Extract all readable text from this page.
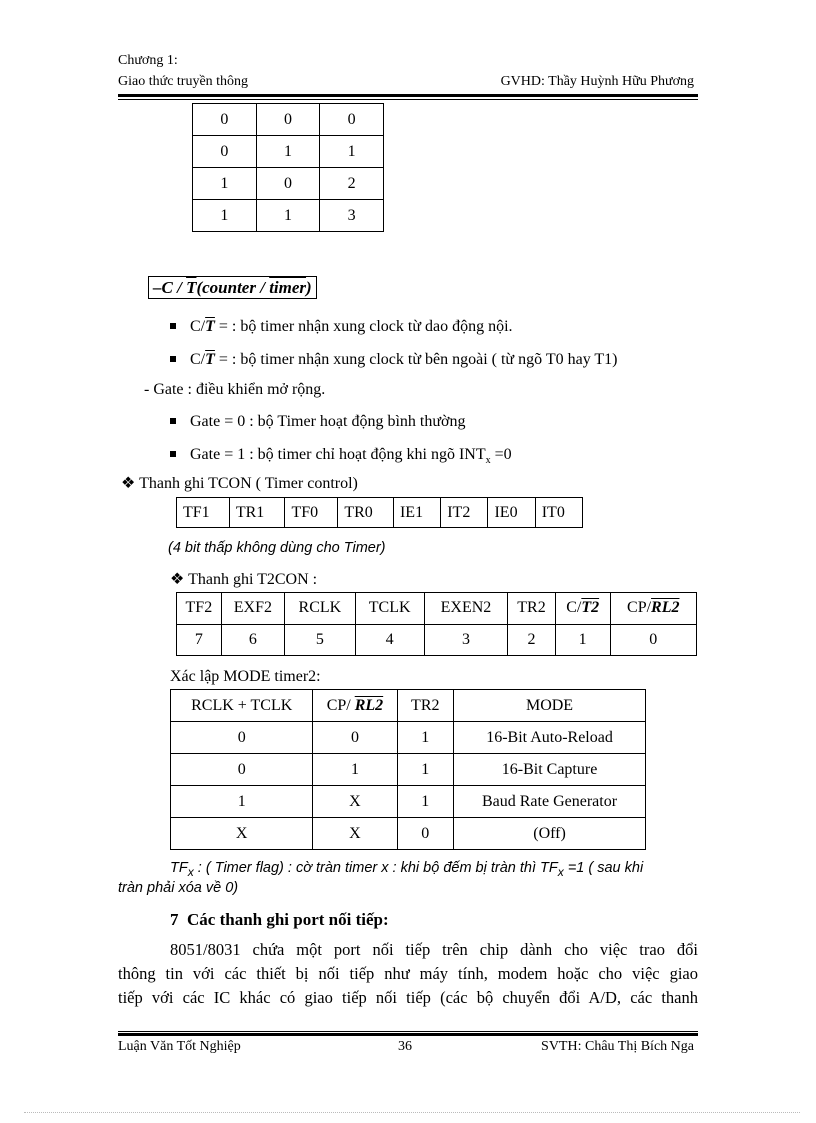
Chương 1:
Giao thức truyền thông	GVHD: Thầy Huỳnh Hữu Phương
0	0	0
0	1	1
1	0	2
1	1	3
$-C / \overline{T}(counter$ / timer)
$C/\overline{T}$ = : bộ timer nhận xung clock từ dao động nội.
$C/\overline{T}$ = : bộ timer nhận xung clock từ bên ngoài ( từ ngõ T0 hay T1)
- Gate : điều khiển mở rộng.
Gate = 0 : bộ Timer hoạt động bình thường
Gate = 1 : bộ timer chỉ hoạt động khi ngõ $INT_x =0$
❖ Thanh ghi TCON ( Timer control)
TF1	TR1	TF0	TR0	IE1	IT2	IE0	IT0
(4 bit thấp không dùng cho Timer)
❖ Thanh ghi T2CON :
TF2	EXF2	RCLK	TCLK	EXEN2	TR2	C/T2	CP/RL2
7	6	5	4	3	2	1	0
Xác lập MODE timer2:
RCLK + TCLK	CP/ RL2	TR2	MODE
0	0	1	16-Bit Auto-Reload
0	1	1	16-Bit Capture
1	X	1	Baud Rate Generator
X	X	0	(Off)
$TF_x$ : ( Timer flag) : cờ tràn timer x : khi bộ đếm bị tràn thì $TF_x =1$ ( sau khi
tràn phải xóa về 0)
7 Các thanh ghi port nối tiếp:
8051/8031 chứa một port nối tiếp trên chip dành cho việc trao đổi
thông tin với các thiết bị nối tiếp như máy tính, modem hoặc cho việc giao
tiếp với các IC khác có giao tiếp nối tiếp (các bộ chuyển đổi A/D, các thanh
Luận Văn Tốt Nghiệp	36	SVTH: Châu Thị Bích Nga
